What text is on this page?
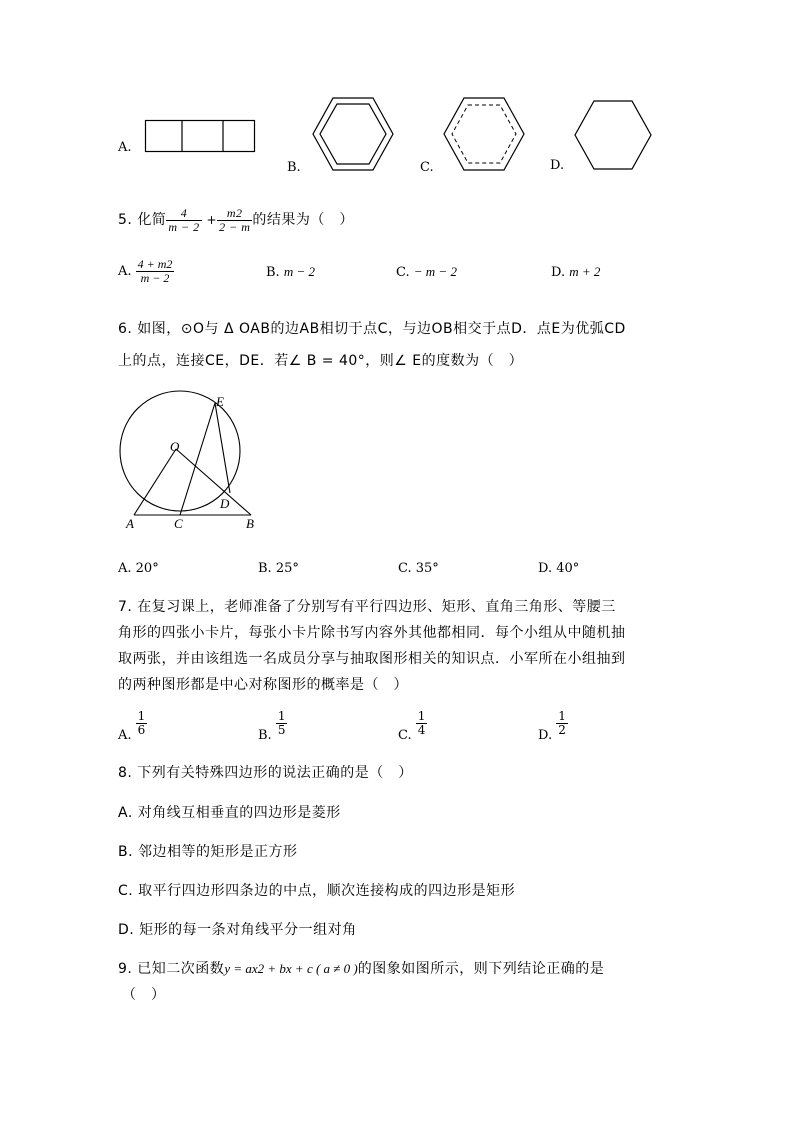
A.
B.	C.	D.
5. 化简 $\frac{4}{m - 2} + \frac{m2}{2 - m}$ 的结果为（　）
A. $\frac{4 + m2}{m - 2}$	B. m − 2	C. − m − 2	D. m + 2
6. 如图，⊙O与 Δ OAB的边AB相切于点C，与边OB相交于点D．点E为优弧CD
上的点，连接CE，DE．若∠ B = 40°，则∠ E的度数为（　）
E
O
D
A	C	B
A. 20°	B. 25°	C. 35°	D. 40°
7. 在复习课上，老师准备了分别写有平行四边形、矩形、直角三角形、等腰三
角形的四张小卡片，每张小卡片除书写内容外其他都相同．每个小组从中随机抽
取两张，并由该组选一名成员分享与抽取图形相关的知识点．小军所在小组抽到
的两种图形都是中心对称图形的概率是（　）
A. $\frac{1}{6}$	B. $\frac{1}{5}$	C. $\frac{1}{4}$	D. $\frac{1}{2}$
8. 下列有关特殊四边形的说法正确的是（　）
A. 对角线互相垂直的四边形是菱形
B. 邻边相等的矩形是正方形
C. 取平行四边形四条边的中点，顺次连接构成的四边形是矩形
D. 矩形的每一条对角线平分一组对角
9. 已知二次函数y = ax2 + bx + c ( a ≠ 0 )的图象如图所示，则下列结论正确的是
（　）
